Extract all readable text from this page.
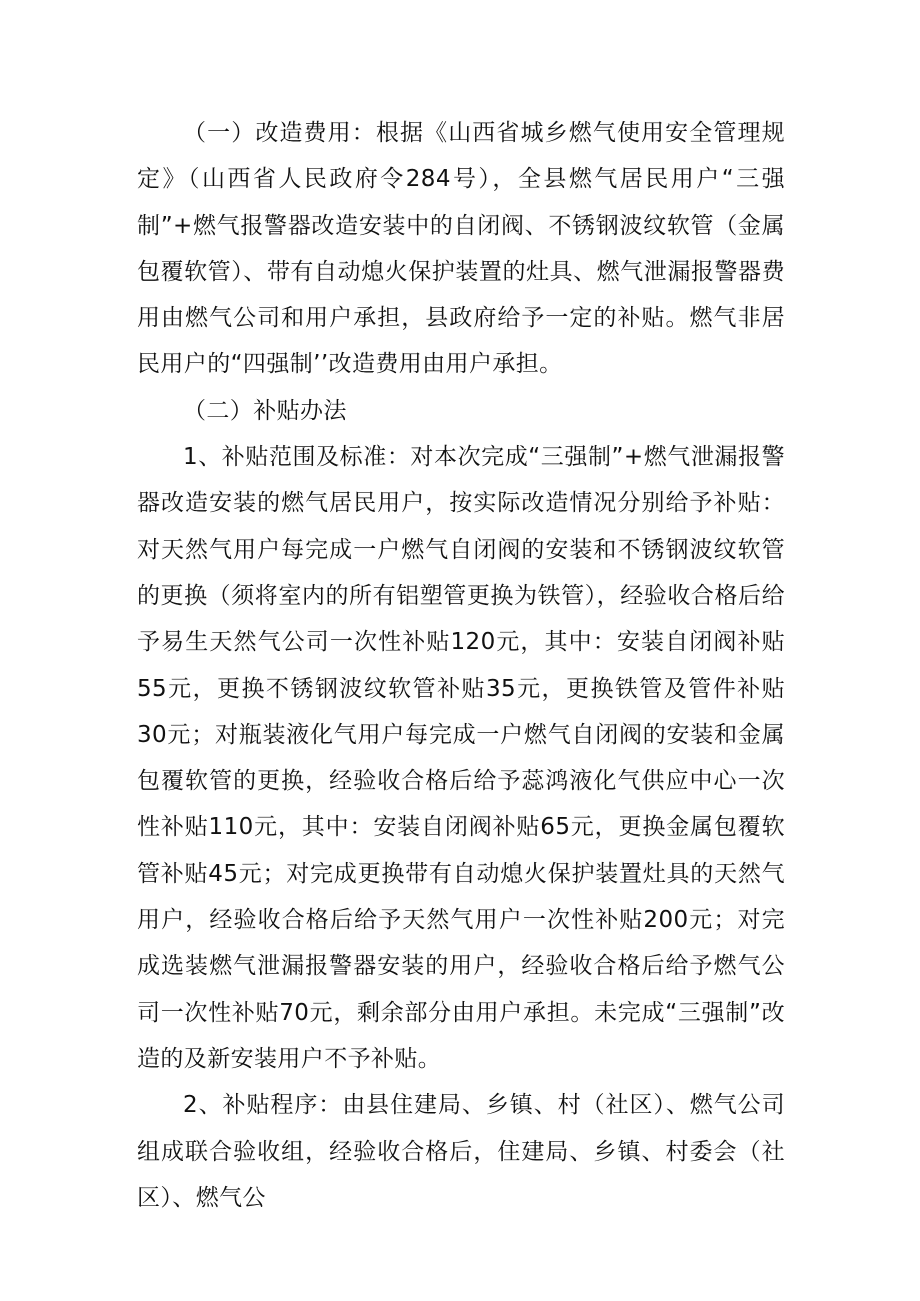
（一）改造费用：根据《山西省城乡燃气使用安全管理规定》（山西省人民政府令284号），全县燃气居民用户“三强制”+燃气报警器改造安装中的自闭阀、不锈钢波纹软管（金属包覆软管）、带有自动熄火保护装置的灶具、燃气泄漏报警器费用由燃气公司和用户承担，县政府给予一定的补贴。燃气非居民用户的“四强制’’改造费用由用户承担。

（二）补贴办法

1、补贴范围及标准：对本次完成“三强制”+燃气泄漏报警器改造安装的燃气居民用户，按实际改造情况分别给予补贴：对天然气用户每完成一户燃气自闭阀的安装和不锈钢波纹软管的更换（须将室内的所有铝塑管更换为铁管），经验收合格后给予易生天然气公司一次性补贴120元，其中：安装自闭阀补贴55元，更换不锈钢波纹软管补贴35元，更换铁管及管件补贴30元；对瓶装液化气用户每完成一户燃气自闭阀的安装和金属包覆软管的更换，经验收合格后给予蕊鸿液化气供应中心一次性补贴110元，其中：安装自闭阀补贴65元，更换金属包覆软管补贴45元；对完成更换带有自动熄火保护装置灶具的天然气用户，经验收合格后给予天然气用户一次性补贴200元；对完成选装燃气泄漏报警器安装的用户，经验收合格后给予燃气公司一次性补贴70元，剩余部分由用户承担。未完成“三强制”改造的及新安装用户不予补贴。

2、补贴程序：由县住建局、乡镇、村（社区）、燃气公司组成联合验收组，经验收合格后，住建局、乡镇、村委会（社区）、燃气公
